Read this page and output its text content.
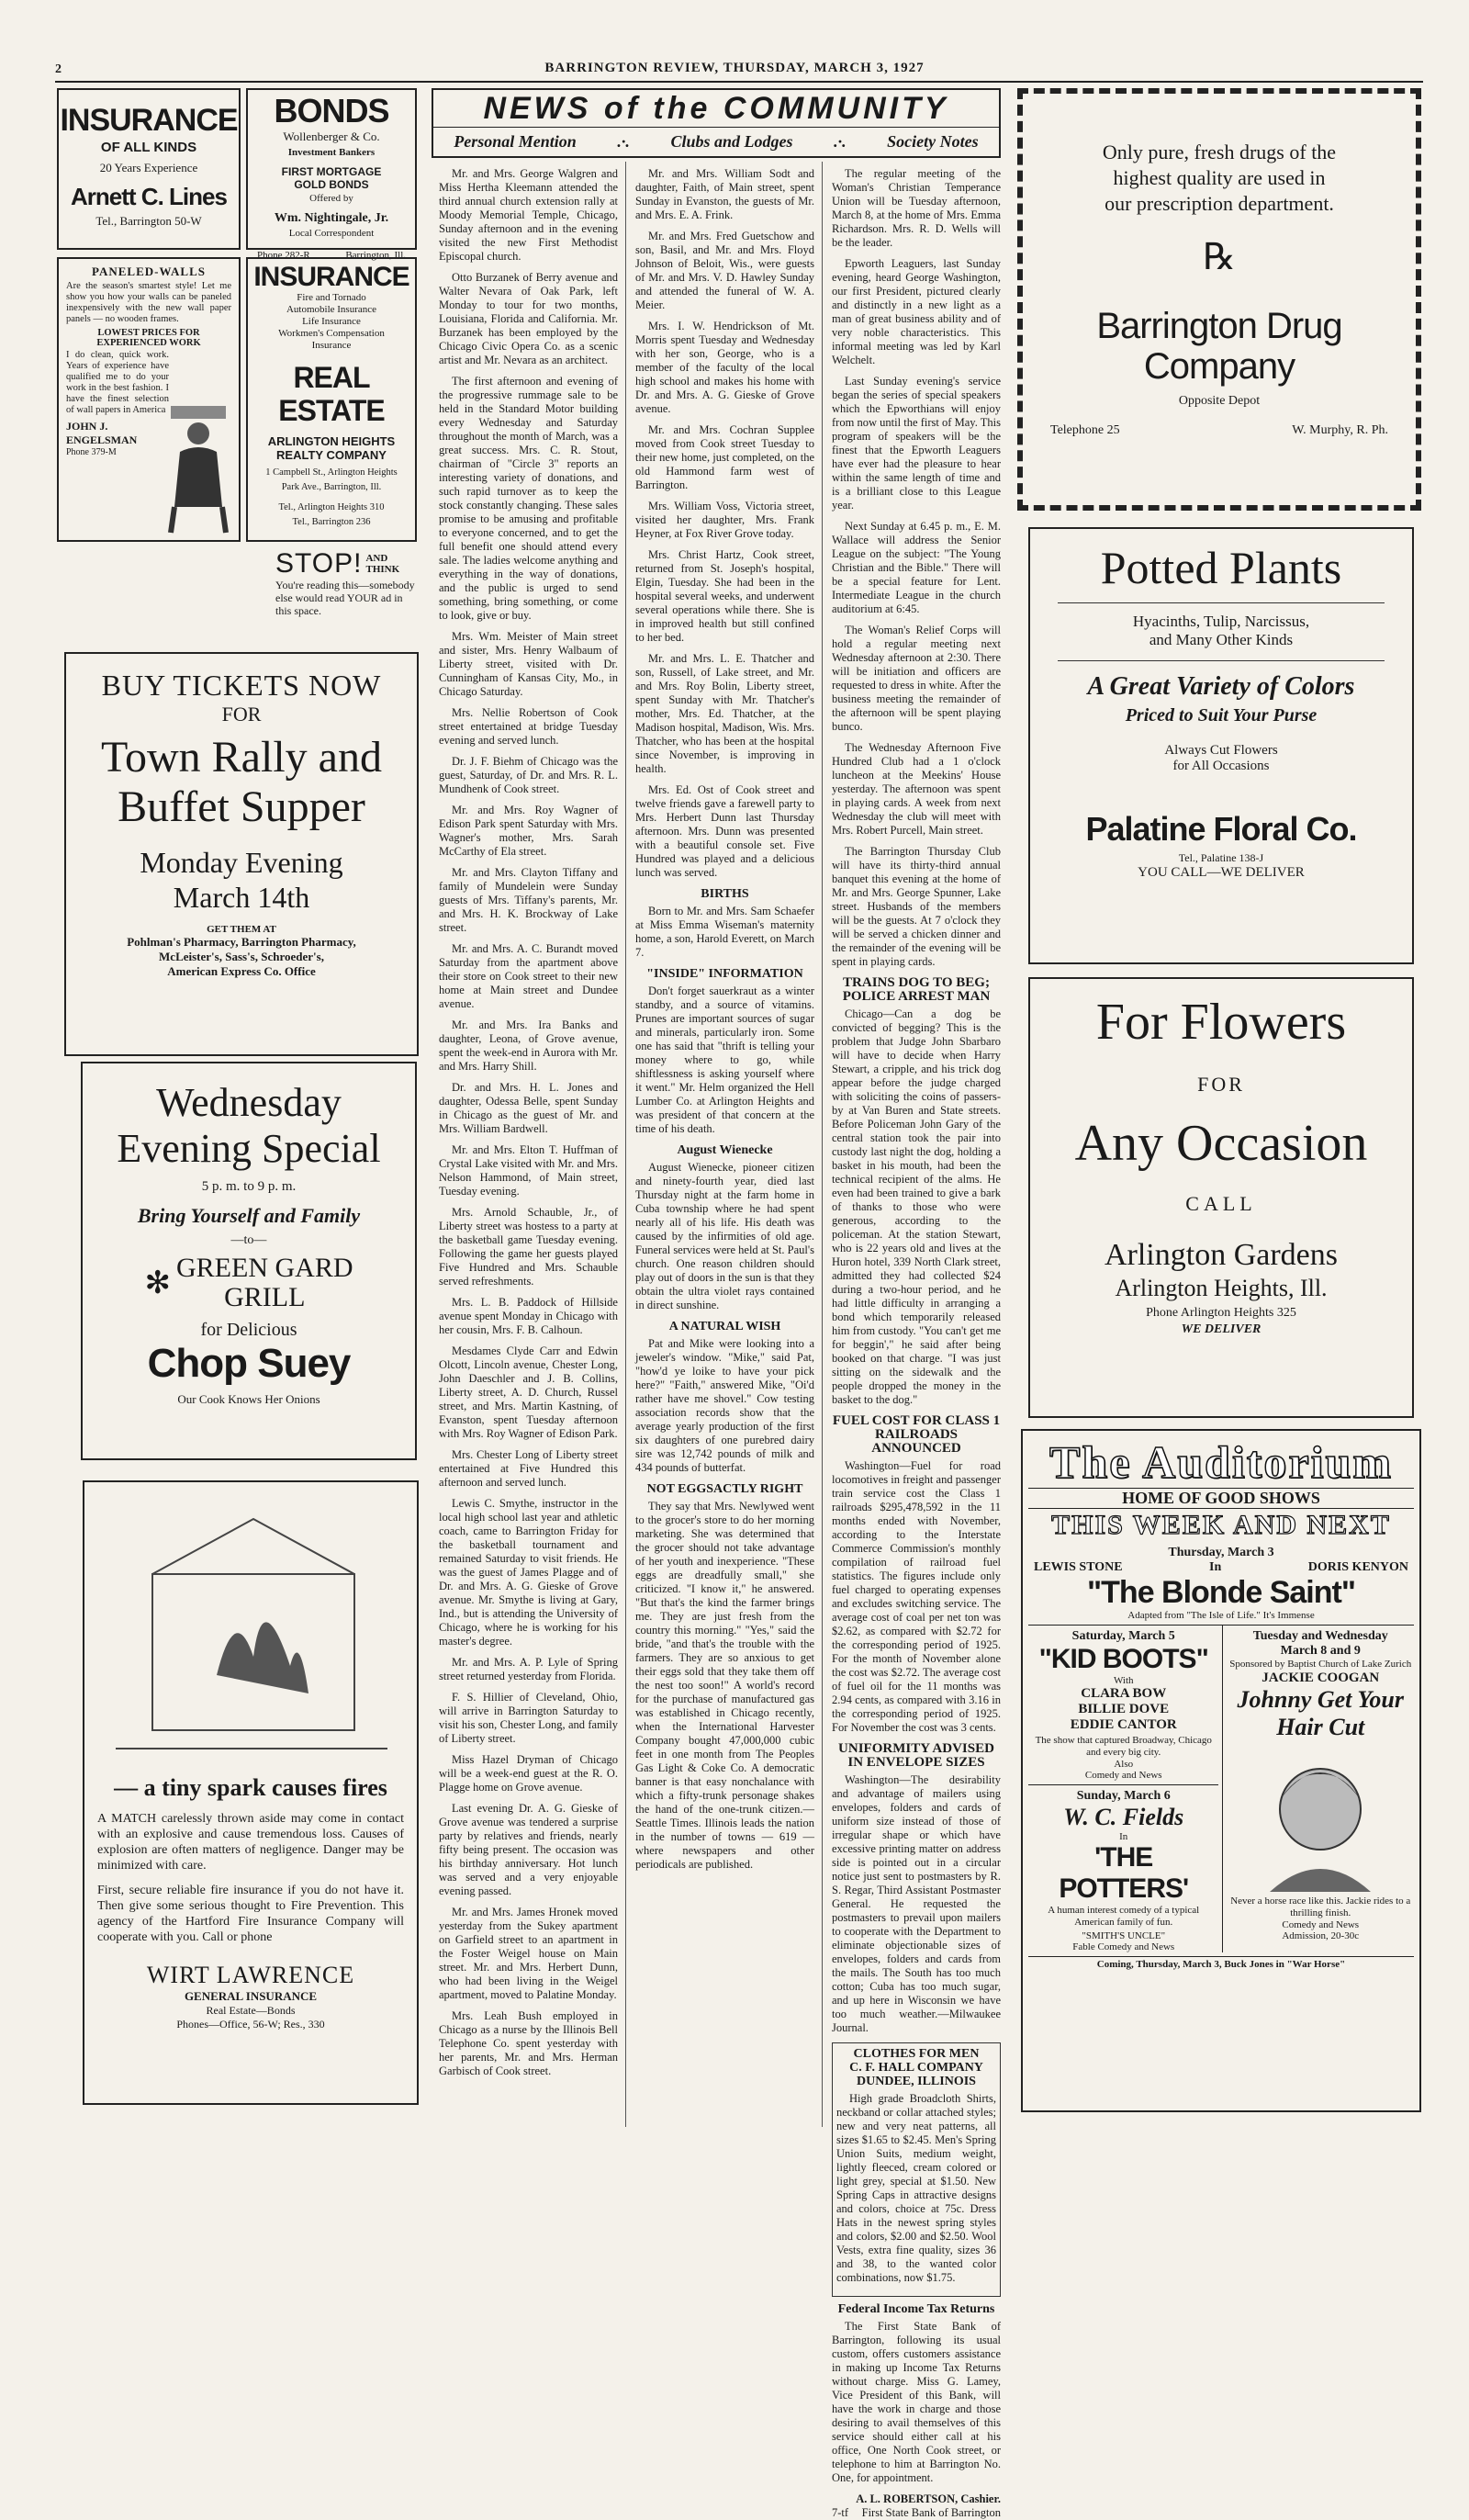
2	BARRINGTON REVIEW, THURSDAY, MARCH 3, 1927
INSURANCE
OF ALL KINDS
20 Years Experience
Arnett C. Lines
Tel., Barrington 50-W
BONDS
Wollenberger & Co.
Investment Bankers
FIRST MORTGAGE
GOLD BONDS
Offered by
Wm. Nightingale, Jr.
Local Correspondent
Phone 282-R	Barrington, Ill.
PANELED-WALLS
Are the season's smartest style! Let me show you how your walls can be paneled inexpensively with the new wall paper panels — no wooden frames.
LOWEST PRICES FOR
EXPERIENCED WORK
I do clean, quick work. Years of experience have qualified me to do your work in the best fashion. I have the finest selection of wall papers in America
JOHN J. ENGELSMAN
Phone 379-M
INSURANCE
Fire and Tornado
Automobile Insurance
Life Insurance
Workmen's Compensation
Insurance
REAL ESTATE
ARLINGTON HEIGHTS
REALTY COMPANY
1 Campbell St., Arlington Heights
Park Ave., Barrington, Ill.
Tel., Arlington Heights 310
Tel., Barrington 236
STOP! AND
THINK
You're reading this—somebody else would read YOUR ad in this space.
BUY TICKETS NOW
FOR
Town Rally and
Buffet Supper
Monday Evening
March 14th
GET THEM AT
Pohlman's Pharmacy, Barrington Pharmacy,
McLeister's, Sass's, Schroeder's,
American Express Co. Office
Wednesday
Evening Special
5 p. m. to 9 p. m.
Bring Yourself and Family
—to—
✻ GREEN GARD
GRILL
for Delicious
Chop Suey
Our Cook Knows Her Onions
— a tiny spark causes fires
A MATCH carelessly thrown aside may come in contact with an explosive and cause tremendous loss. Causes of explosion are often matters of negligence. Danger may be minimized with care.
First, secure reliable fire insurance if you do not have it. Then give some serious thought to Fire Prevention. This agency of the Hartford Fire Insurance Company will cooperate with you. Call or phone
WIRT LAWRENCE
GENERAL INSURANCE
Real Estate—Bonds
Phones—Office, 56-W; Res., 330
NEWS of the COMMUNITY
Personal Mention .·. Clubs and Lodges .·. Society Notes

Mr. and Mrs. George Walgren and Miss Hertha Kleemann attended the third annual church extension rally at Moody Memorial Temple, Chicago, Sunday afternoon and in the evening visited the new First Methodist Episcopal church.

Otto Burzanek of Berry avenue and Walter Nevara of Oak Park, left Monday to tour for two months, Louisiana, Florida and California. Mr. Burzanek has been employed by the Chicago Civic Opera Co. as a scenic artist and Mr. Nevara as an architect.

The first afternoon and evening of the progressive rummage sale to be held in the Standard Motor building every Wednesday and Saturday throughout the month of March, was a great success. Mrs. C. R. Stout, chairman of "Circle 3" reports an interesting variety of donations, and such rapid turnover as to keep the stock constantly changing. These sales promise to be amusing and profitable to everyone concerned, and to get the full benefit one should attend every sale. The ladies welcome anything and everything in the way of donations, and the public is urged to send something, bring something, or come to look, give or buy.

Mrs. Wm. Meister of Main street and sister, Mrs. Henry Walbaum of Liberty street, visited with Dr. Cunningham of Kansas City, Mo., in Chicago Saturday.

Mrs. Nellie Robertson of Cook street entertained at bridge Tuesday evening and served lunch.

Dr. J. F. Biehm of Chicago was the guest, Saturday, of Dr. and Mrs. R. L. Mundhenk of Cook street.

Mr. and Mrs. Roy Wagner of Edison Park spent Saturday with Mrs. Wagner's mother, Mrs. Sarah McCarthy of Ela street.

Mr. and Mrs. Clayton Tiffany and family of Mundelein were Sunday guests of Mrs. Tiffany's parents, Mr. and Mrs. H. K. Brockway of Lake street.

Mr. and Mrs. A. C. Burandt moved Saturday from the apartment above their store on Cook street to their new home at Main street and Dundee avenue.

Mr. and Mrs. Ira Banks and daughter, Leona, of Grove avenue, spent the week-end in Aurora with Mr. and Mrs. Harry Shill.

Dr. and Mrs. H. L. Jones and daughter, Odessa Belle, spent Sunday in Chicago as the guest of Mr. and Mrs. William Bardwell.

Mr. and Mrs. Elton T. Huffman of Crystal Lake visited with Mr. and Mrs. Nelson Hammond, of Main street, Tuesday evening.

Mrs. Arnold Schauble, Jr., of Liberty street was hostess to a party at the basketball game Tuesday evening. Following the game her guests played Five Hundred and Mrs. Schauble served refreshments.

Mrs. L. B. Paddock of Hillside avenue spent Monday in Chicago with her cousin, Mrs. F. B. Calhoun.

Mesdames Clyde Carr and Edwin Olcott, Lincoln avenue, Chester Long, John Daeschler and J. B. Collins, Liberty street, A. D. Church, Russel street, and Mrs. Martin Kastning, of Evanston, spent Tuesday afternoon with Mrs. Roy Wagner of Edison Park.

Mrs. Chester Long of Liberty street entertained at Five Hundred this afternoon and served lunch.

Lewis C. Smythe, instructor in the local high school last year and athletic coach, came to Barrington Friday for the basketball tournament and remained Saturday to visit friends. He was the guest of James Plagge and of Dr. and Mrs. A. G. Gieske of Grove avenue. Mr. Smythe is living at Gary, Ind., but is attending the University of Chicago, where he is working for his master's degree.

Mr. and Mrs. A. P. Lyle of Spring street returned yesterday from Florida.

F. S. Hillier of Cleveland, Ohio, will arrive in Barrington Saturday to visit his son, Chester Long, and family of Liberty street.

Miss Hazel Dryman of Chicago will be a week-end guest at the R. O. Plagge home on Grove avenue.

Last evening Dr. A. G. Gieske of Grove avenue was tendered a surprise party by relatives and friends, nearly fifty being present. The occasion was his birthday anniversary. Hot lunch was served and a very enjoyable evening passed.

Mr. and Mrs. James Hronek moved yesterday from the Sukey apartment on Garfield street to an apartment in the Foster Weigel house on Main street. Mr. and Mrs. Herbert Dunn, who had been living in the Weigel apartment, moved to Palatine Monday.

Mrs. Leah Bush employed in Chicago as a nurse by the Illinois Bell Telephone Co. spent yesterday with her parents, Mr. and Mrs. Herman Garbisch of Cook street.

Mr. and Mrs. William Sodt and daughter, Faith, of Main street, spent Sunday in Evanston, the guests of Mr. and Mrs. E. A. Frink.

Mr. and Mrs. Fred Guetschow and son, Basil, and Mr. and Mrs. Floyd Johnson of Beloit, Wis., were guests of Mr. and Mrs. V. D. Hawley Sunday and attended the funeral of W. A. Meier.

Mrs. I. W. Hendrickson of Mt. Morris spent Tuesday and Wednesday with her son, George, who is a member of the faculty of the local high school and makes his home with Dr. and Mrs. A. G. Gieske of Grove avenue.

Mr. and Mrs. Cochran Supplee moved from Cook street Tuesday to their new home, just completed, on the old Hammond farm west of Barrington.

Mrs. William Voss, Victoria street, visited her daughter, Mrs. Frank Heyner, at Fox River Grove today.

Mrs. Christ Hartz, Cook street, returned from St. Joseph's hospital, Elgin, Tuesday. She had been in the hospital several weeks, and underwent several operations while there. She is in improved health but still confined to her bed.

Mr. and Mrs. L. E. Thatcher and son, Russell, of Lake street, and Mr. and Mrs. Roy Bolin, Liberty street, spent Sunday with Mr. Thatcher's mother, Mrs. Ed. Thatcher, at the Madison hospital, Madison, Wis. Mrs. Thatcher, who has been at the hospital since November, is improving in health.

Mrs. Ed. Ost of Cook street and twelve friends gave a farewell party to Mrs. Herbert Dunn last Thursday afternoon. Mrs. Dunn was presented with a beautiful console set. Five Hundred was played and a delicious lunch was served.

BIRTHS

Born to Mr. and Mrs. Sam Schaefer at Miss Emma Wiseman's maternity home, a son, Harold Everett, on March 7.

"INSIDE" INFORMATION

Don't forget sauerkraut as a winter standby, and a source of vitamins. Prunes are important sources of sugar and minerals, particularly iron. Some one has said that "thrift is telling your money where to go, while shiftlessness is asking yourself where it went." Mr. Helm organized the Hell Lumber Co. at Arlington Heights and was president of that concern at the time of his death.

August Wienecke

August Wienecke, pioneer citizen and ninety-fourth year, died last Thursday night at the farm home in Cuba township where he had spent nearly all of his life. His death was caused by the infirmities of old age. Funeral services were held at St. Paul's church. One reason children should play out of doors in the sun is that they obtain the ultra violet rays contained in direct sunshine.

A NATURAL WISH

Pat and Mike were looking into a jeweler's window. "Mike," said Pat, "how'd ye loike to have your pick here?" "Faith," answered Mike, "Oi'd rather have me shovel." Cow testing association records show that the average yearly production of the first six daughters of one purebred dairy sire was 12,742 pounds of milk and 434 pounds of butterfat.

NOT EGGSACTLY RIGHT

They say that Mrs. Newlywed went to the grocer's store to do her morning marketing. She was determined that the grocer should not take advantage of her youth and inexperience. "These eggs are dreadfully small," she criticized. "I know it," he answered. "But that's the kind the farmer brings me. They are just fresh from the country this morning." "Yes," said the bride, "and that's the trouble with the farmers. They are so anxious to get their eggs sold that they take them off the nest too soon!" A world's record for the purchase of manufactured gas was established in Chicago recently, when the International Harvester Company bought 47,000,000 cubic feet in one month from The Peoples Gas Light & Coke Co. A democratic banner is that easy nonchalance with which a fifty-trunk personage shakes the hand of the one-trunk citizen.—Seattle Times. Illinois leads the nation in the number of towns — 619 — where newspapers and other periodicals are published.

The regular meeting of the Woman's Christian Temperance Union will be Tuesday afternoon, March 8, at the home of Mrs. Emma Richardson. Mrs. R. D. Wells will be the leader.

Epworth Leaguers, last Sunday evening, heard George Washington, our first President, pictured clearly and distinctly in a new light as a man of great business ability and of very noble characteristics. This informal meeting was led by Karl Welchelt.

Last Sunday evening's service began the series of special speakers which the Epworthians will enjoy from now until the first of May. This program of speakers will be the finest that the Epworth Leaguers have ever had the pleasure to hear within the same length of time and is a brilliant close to this League year.

Next Sunday at 6.45 p. m., E. M. Wallace will address the Senior League on the subject: "The Young Christian and the Bible." There will be a special feature for Lent. Intermediate League in the church auditorium at 6:45.

The Woman's Relief Corps will hold a regular meeting next Wednesday afternoon at 2:30. There will be initiation and officers are requested to dress in white. After the business meeting the remainder of the afternoon will be spent playing bunco.

The Wednesday Afternoon Five Hundred Club had a 1 o'clock luncheon at the Meekins' House yesterday. The afternoon was spent in playing cards. A week from next Wednesday the club will meet with Mrs. Robert Purcell, Main street.

The Barrington Thursday Club will have its thirty-third annual banquet this evening at the home of Mr. and Mrs. George Spunner, Lake street. Husbands of the members will be the guests. At 7 o'clock they will be served a chicken dinner and the remainder of the evening will be spent in playing cards.

TRAINS DOG TO BEG; POLICE ARREST MAN

Chicago—Can a dog be convicted of begging? This is the problem that Judge John Sbarbaro will have to decide when Harry Stewart, a cripple, and his trick dog appear before the judge charged with soliciting the coins of passers-by at Van Buren and State streets. Before Policeman John Gary of the central station took the pair into custody last night the dog, holding a basket in his mouth, had been the technical recipient of the alms. He even had been trained to give a bark of thanks to those who were generous, according to the policeman. At the station Stewart, who is 22 years old and lives at the Huron hotel, 339 North Clark street, admitted they had collected $24 during a two-hour period, and he had little difficulty in arranging a bond which temporarily released him from custody. "You can't get me for beggin'," he said after being booked on that charge. "I was just sitting on the sidewalk and the people dropped the money in the basket to the dog."

FUEL COST FOR CLASS 1 RAILROADS ANNOUNCED

Washington—Fuel for road locomotives in freight and passenger train service cost the Class 1 railroads $295,478,592 in the 11 months ended with November, according to the Interstate Commerce Commission's monthly compilation of railroad fuel statistics. The figures include only fuel charged to operating expenses and excludes switching service. The average cost of coal per net ton was $2.62, as compared with $2.72 for the corresponding period of 1925. For the month of November alone the cost was $2.72. The average cost of fuel oil for the 11 months was 2.94 cents, as compared with 3.16 in the corresponding period of 1925. For November the cost was 3 cents.

UNIFORMITY ADVISED IN ENVELOPE SIZES

Washington—The desirability and advantage of mailers using envelopes, folders and cards of uniform size instead of those of irregular shape or which have excessive printing matter on address side is pointed out in a circular notice just sent to postmasters by R. S. Regar, Third Assistant Postmaster General. He requested the postmasters to prevail upon mailers to cooperate with the Department to eliminate objectionable sizes of envelopes, folders and cards from the mails. The South has too much cotton; Cuba has too much sugar, and up here in Wisconsin we have too much weather.—Milwaukee Journal.

CLOTHES FOR MEN
C. F. HALL COMPANY
DUNDEE, ILLINOIS

High grade Broadcloth Shirts, neckband or collar attached styles; new and very neat patterns, all sizes $1.65 to $2.45. Men's Spring Union Suits, medium weight, lightly fleeced, cream colored or light grey, special at $1.50. New Spring Caps in attractive designs and colors, choice at 75c. Dress Hats in the newest spring styles and colors, $2.00 and $2.50. Wool Vests, extra fine quality, sizes 36 and 38, to the wanted color combinations, now $1.75.

Federal Income Tax Returns

The First State Bank of Barrington, following its usual custom, offers customers assistance in making up Income Tax Returns without charge. Miss G. Lamey, Vice President of this Bank, will have the work in charge and those desiring to avail themselves of this service should either call at his office, One North Cook street, or telephone to him at Barrington No. One, for appointment.

A. L. ROBERTSON, Cashier.
7-tf First State Bank of Barrington
Only pure, fresh drugs of the
highest quality are used in
our prescription department.
℞
Barrington Drug
Company
Opposite Depot
Telephone 25	W. Murphy, R. Ph.
Potted Plants
Hyacinths, Tulip, Narcissus,
and Many Other Kinds
A Great Variety of Colors
Priced to Suit Your Purse
Always Cut Flowers
for All Occasions
Palatine Floral Co.
Tel., Palatine 138-J
YOU CALL—WE DELIVER
For Flowers
FOR
Any Occasion
CALL
Arlington Gardens
Arlington Heights, Ill.
Phone Arlington Heights 325
WE DELIVER
The Auditorium
HOME OF GOOD SHOWS
THIS WEEK AND NEXT
Thursday, March 3
LEWIS STONE	In	DORIS KENYON
"The Blonde Saint"
Adapted from "The Isle of Life." It's Immense
Saturday, March 5
"KID BOOTS"
With
CLARA BOW
BILLIE DOVE
EDDIE CANTOR
The show that captured Broadway, Chicago and every big city.
Also
Comedy and News
Sunday, March 6
W. C. Fields
In
'THE POTTERS'
A human interest comedy of a typical American family of fun.
"SMITH'S UNCLE"
Fable Comedy and News
Tuesday and Wednesday
March 8 and 9
Sponsored by Baptist Church of Lake Zurich
JACKIE COOGAN
Johnny Get Your Hair Cut
Never a horse race like this. Jackie rides to a thrilling finish.
Comedy and News
Admission, 20-30c
Coming, Thursday, March 3, Buck Jones in "War Horse"
